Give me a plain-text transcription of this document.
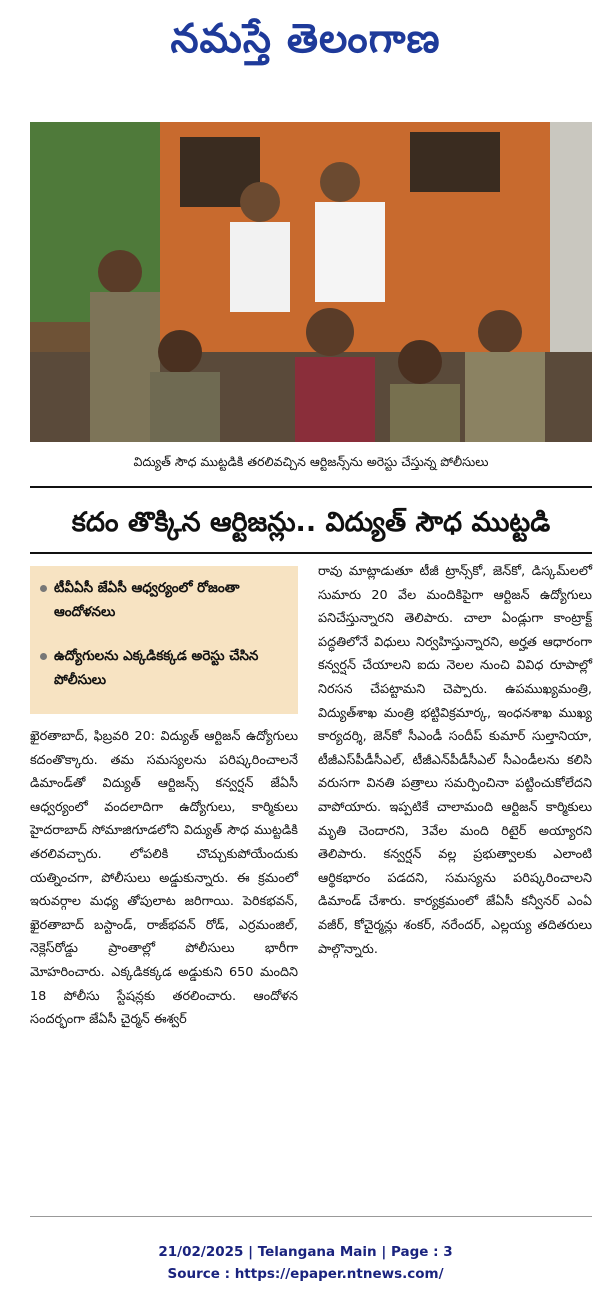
నమస్తే తెలంగాణ
విద్యుత్‌ సౌధ ముట్టడికి తరలివచ్చిన ఆర్టిజన్స్‌ను అరెస్టు చేస్తున్న పోలీసులు
కదం తొక్కిన ఆర్టిజన్లు.. విద్యుత్‌ సౌధ ముట్టడి
టీవీఏసీ జేఏసీ ఆధ్వర్యంలో రోజంతా ఆందోళనలు
ఉద్యోగులను ఎక్కడికక్కడ అరెస్టు చేసిన పోలీసులు

ఖైరతాబాద్‌, ఫిబ్రవరి 20: విద్యుత్‌ ఆర్టిజన్‌ ఉద్యోగులు కదంతొక్కారు. తమ సమస్యలను పరిష్కరించాలనే డిమాండ్‌తో విద్యుత్‌ ఆర్టిజన్స్‌ కన్వర్షన్‌ జేఏసీ ఆధ్వర్యంలో వందలాదిగా ఉద్యోగులు, కార్మికులు హైదరాబాద్‌ సోమాజిగూడలోని విద్యుత్‌ సౌధ ముట్టడికి తరలివచ్చారు. లోపలికి చొచ్చుకుపోయేందుకు యత్నించగా, పోలీసులు అడ్డుకున్నారు. ఈ క్రమంలో ఇరువర్గాల మధ్య తోపులాట జరిగాయి. పెరికభవన్‌, ఖైరతాబాద్‌ బస్టాండ్‌, రాజ్‌భవన్‌ రోడ్‌, ఎర్రమంజిల్‌, నెక్లెస్‌రోడ్డు ప్రాంతాల్లో పోలీసులు భారీగా మోహరించారు. ఎక్కడికక్కడ అడ్డుకుని 650 మందిని 18 పోలీసు స్టేషన్లకు తరలించారు. ఆందోళన సందర్భంగా జేఏసీ చైర్మన్‌ ఈశ్వర్‌

రావు మాట్లాడుతూ టీజీ ట్రాన్స్‌కో, జెన్‌కో, డిస్కమ్‌లలో సుమారు 20 వేల మందికిపైగా ఆర్టిజన్‌ ఉద్యోగులు పనిచేస్తున్నారని తెలిపారు. చాలా ఏండ్లుగా కాంట్రాక్ట్‌ పద్ధతిలోనే విధులు నిర్వహిస్తున్నారని, అర్హత ఆధారంగా కన్వర్షన్‌ చేయాలని ఐదు నెలల నుంచి వివిధ రూపాల్లో నిరసన చేపట్టామని చెప్పారు. ఉపముఖ్యమంత్రి, విద్యుత్‌శాఖ మంత్రి భట్టివిక్రమార్క, ఇంధనశాఖ ముఖ్య కార్యదర్శి, జెన్‌కో సీఎండీ సందీప్‌ కుమార్‌ సుల్తానియా, టీజీఎస్‌పీడీసీఎల్‌, టీజీఎన్‌పీడీసీఎల్‌ సీఎండీలను కలిసి వరుసగా వినతి పత్రాలు సమర్పించినా పట్టించుకోలేదని వాపోయారు. ఇప్పటికే చాలామంది ఆర్టిజన్‌ కార్మికులు మృతి చెందారని, 3వేల మంది రిటైర్‌ అయ్యారని తెలిపారు. కన్వర్షన్‌ వల్ల ప్రభుత్వాలకు ఎలాంటి ఆర్థికభారం పడదని, సమస్యను పరిష్కరించాలని డిమాండ్‌ చేశారు. కార్యక్రమంలో జేఏసీ కన్వీనర్‌ ఎంఏ వజీర్‌, కోచైర్మన్లు శంకర్‌, నరేందర్‌, ఎల్లయ్య తదితరులు పాల్గొన్నారు.

21/02/2025 | Telangana Main | Page : 3
Source : https://epaper.ntnews.com/
